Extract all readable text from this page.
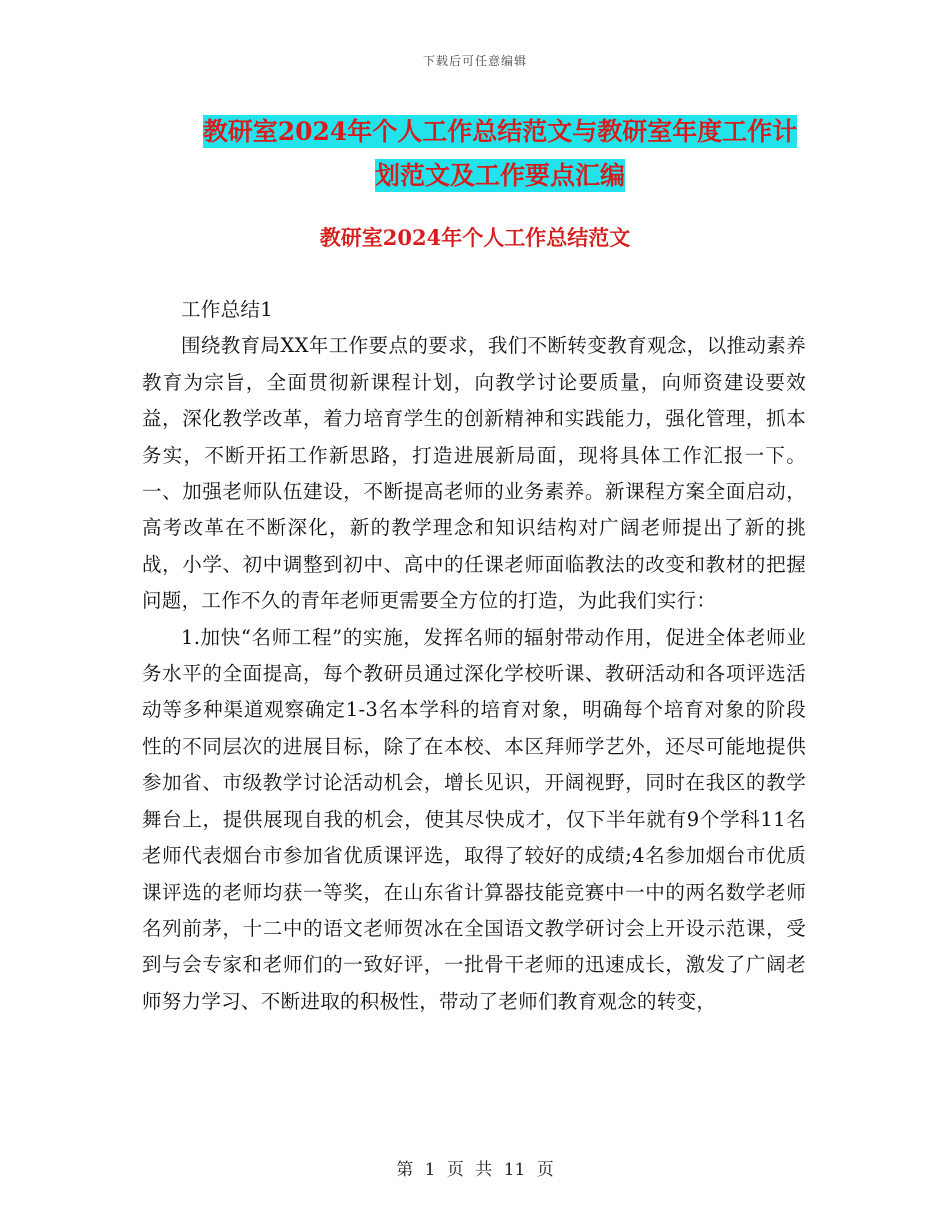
下载后可任意编辑
教研室2024年个人工作总结范文与教研室年度工作计
划范文及工作要点汇编
教研室2024年个人工作总结范文

工作总结1

围绕教育局XX年工作要点的要求，我们不断转变教育观念，以推动素养教育为宗旨，全面贯彻新课程计划，向教学讨论要质量，向师资建设要效益，深化教学改革，着力培育学生的创新精神和实践能力，强化管理，抓本务实，不断开拓工作新思路，打造进展新局面，现将具体工作汇报一下。一、加强老师队伍建设，不断提高老师的业务素养。新课程方案全面启动，高考改革在不断深化，新的教学理念和知识结构对广阔老师提出了新的挑战，小学、初中调整到初中、高中的任课老师面临教法的改变和教材的把握问题，工作不久的青年老师更需要全方位的打造，为此我们实行：

1.加快“名师工程”的实施，发挥名师的辐射带动作用，促进全体老师业务水平的全面提高，每个教研员通过深化学校听课、教研活动和各项评选活动等多种渠道观察确定1-3名本学科的培育对象，明确每个培育对象的阶段性的不同层次的进展目标，除了在本校、本区拜师学艺外，还尽可能地提供参加省、市级教学讨论活动机会，增长见识，开阔视野，同时在我区的教学舞台上，提供展现自我的机会，使其尽快成才，仅下半年就有9个学科11名老师代表烟台市参加省优质课评选，取得了较好的成绩;4名参加烟台市优质课评选的老师均获一等奖，在山东省计算器技能竞赛中一中的两名数学老师名列前茅，十二中的语文老师贺冰在全国语文教学研讨会上开设示范课，受到与会专家和老师们的一致好评，一批骨干老师的迅速成长，激发了广阔老师努力学习、不断进取的积极性，带动了老师们教育观念的转变，

第 1 页 共 11 页
